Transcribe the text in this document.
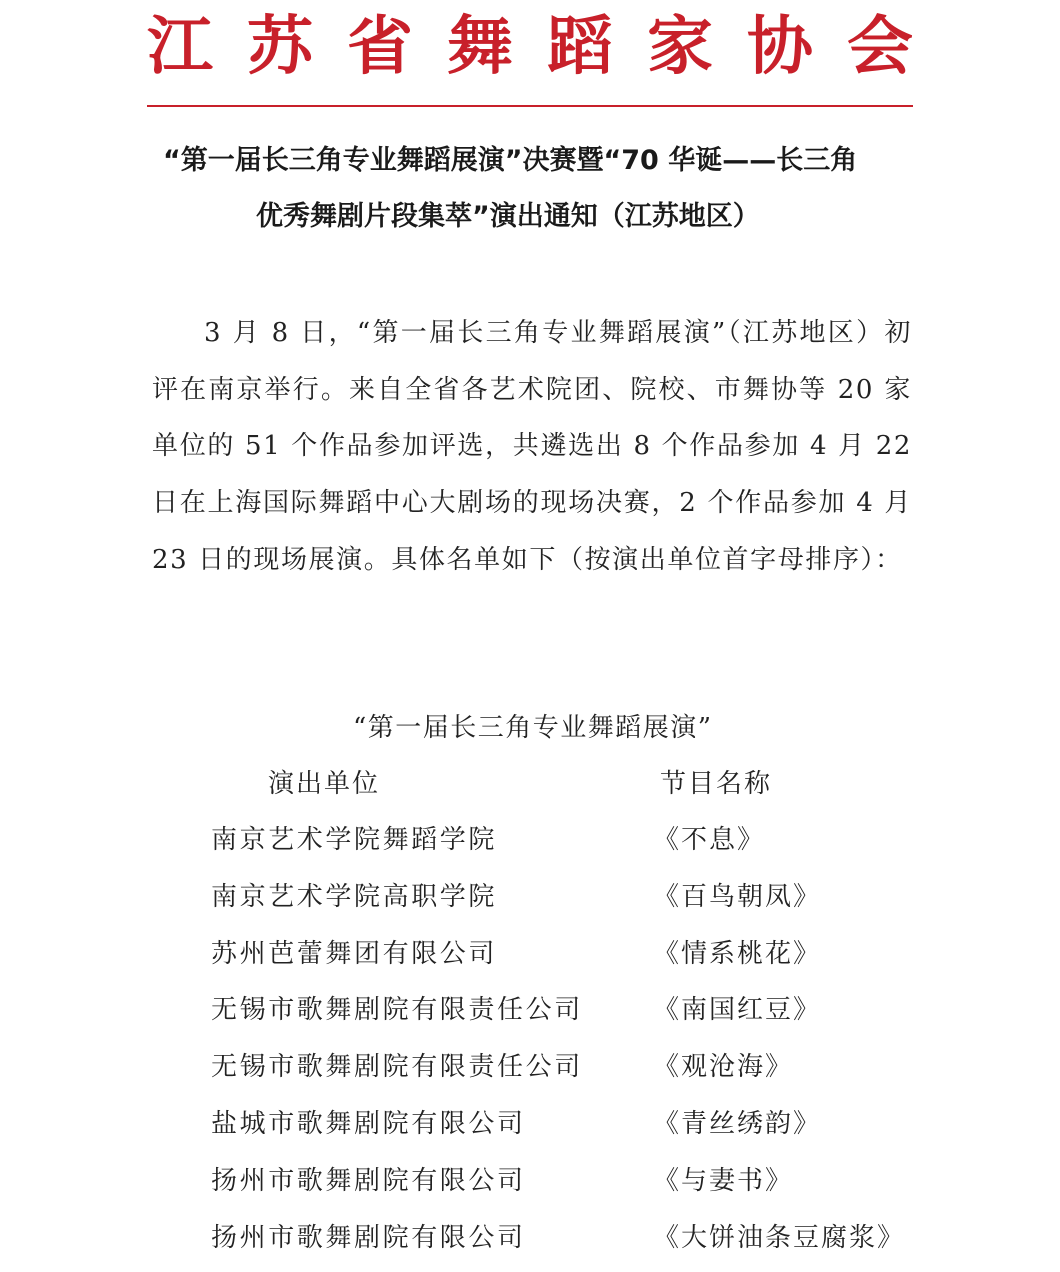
江 苏 省 舞 蹈 家 协 会
“第一届长三角专业舞蹈展演”决赛暨“70 华诞——长三角
优秀舞剧片段集萃”演出通知（江苏地区）
3 月 8 日，“第一届长三角专业舞蹈展演”（江苏地区）初评在南京举行。来自全省各艺术院团、院校、市舞协等 20 家单位的 51 个作品参加评选，共遴选出 8 个作品参加 4 月 22 日在上海国际舞蹈中心大剧场的现场决赛，2 个作品参加 4 月 23 日的现场展演。具体名单如下（按演出单位首字母排序）：
“第一届长三角专业舞蹈展演”
演出单位	节目名称
南京艺术学院舞蹈学院	《不息》
南京艺术学院高职学院	《百鸟朝凤》
苏州芭蕾舞团有限公司	《情系桃花》
无锡市歌舞剧院有限责任公司	《南国红豆》
无锡市歌舞剧院有限责任公司	《观沧海》
盐城市歌舞剧院有限公司	《青丝绣韵》
扬州市歌舞剧院有限公司	《与妻书》
扬州市歌舞剧院有限公司	《大饼油条豆腐浆》
